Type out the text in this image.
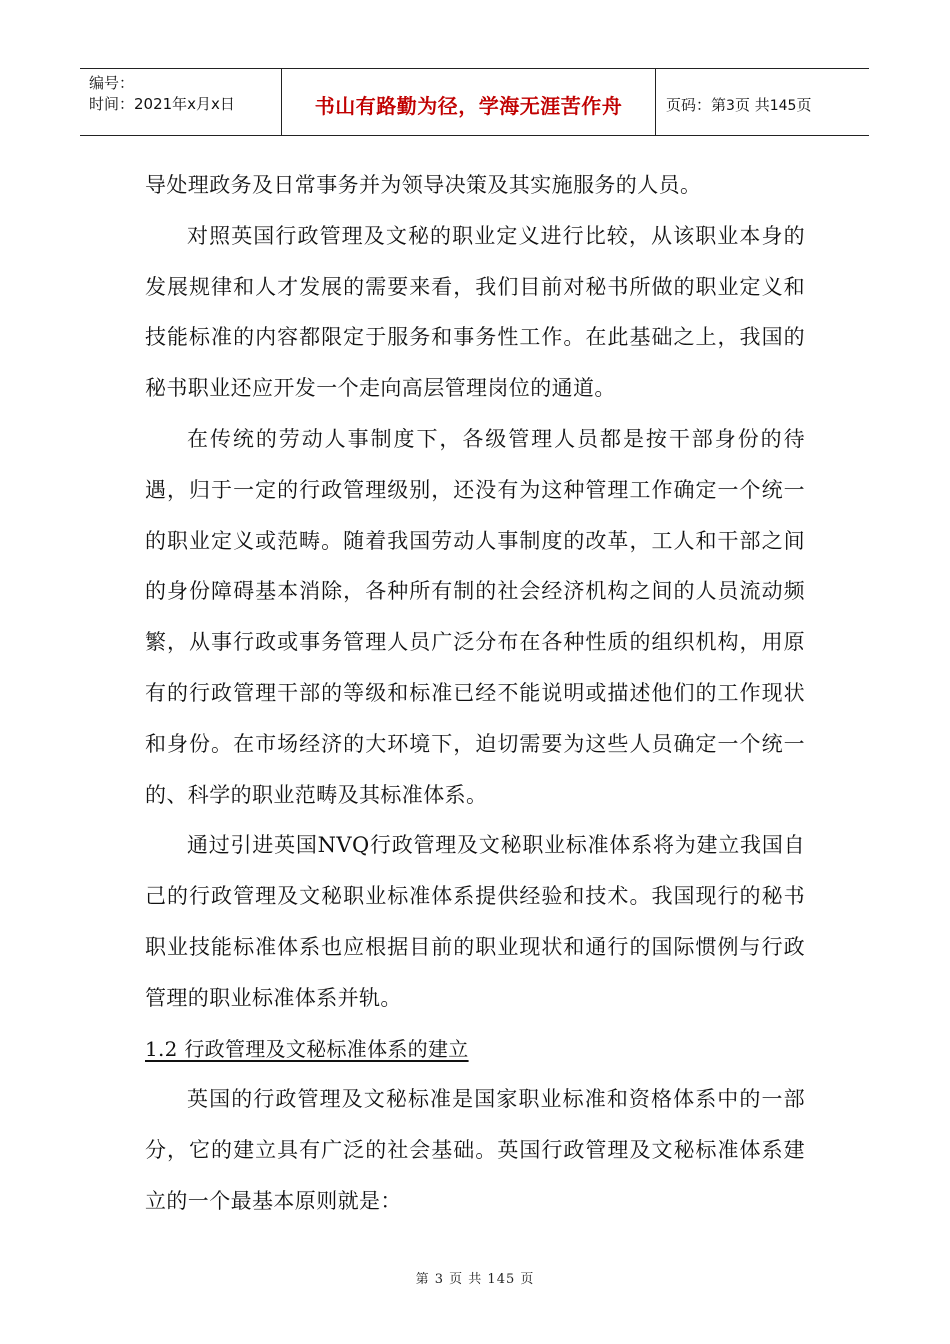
编号：
时间：2021年x月x日	书山有路勤为径，学海无涯苦作舟	页码：第 3 页 共 145 页

导处理政务及日常事务并为领导决策及其实施服务的人员。

对照英国行政管理及文秘的职业定义进行比较，从该职业本身的发展规律和人才发展的需要来看，我们目前对秘书所做的职业定义和技能标准的内容都限定于服务和事务性工作。在此基础之上，我国的秘书职业还应开发一个走向高层管理岗位的通道。

在传统的劳动人事制度下，各级管理人员都是按干部身份的待遇，归于一定的行政管理级别，还没有为这种管理工作确定一个统一的职业定义或范畴。随着我国劳动人事制度的改革，工人和干部之间的身份障碍基本消除，各种所有制的社会经济机构之间的人员流动频繁，从事行政或事务管理人员广泛分布在各种性质的组织机构，用原有的行政管理干部的等级和标准已经不能说明或描述他们的工作现状和身份。在市场经济的大环境下，迫切需要为这些人员确定一个统一的、科学的职业范畴及其标准体系。

通过引进英国NVQ行政管理及文秘职业标准体系将为建立我国自己的行政管理及文秘职业标准体系提供经验和技术。我国现行的秘书职业技能标准体系也应根据目前的职业现状和通行的国际惯例与行政管理的职业标准体系并轨。

1.2 行政管理及文秘标准体系的建立

英国的行政管理及文秘标准是国家职业标准和资格体系中的一部分，它的建立具有广泛的社会基础。英国行政管理及文秘标准体系建立的一个最基本原则就是：

第 3 页 共 145 页
